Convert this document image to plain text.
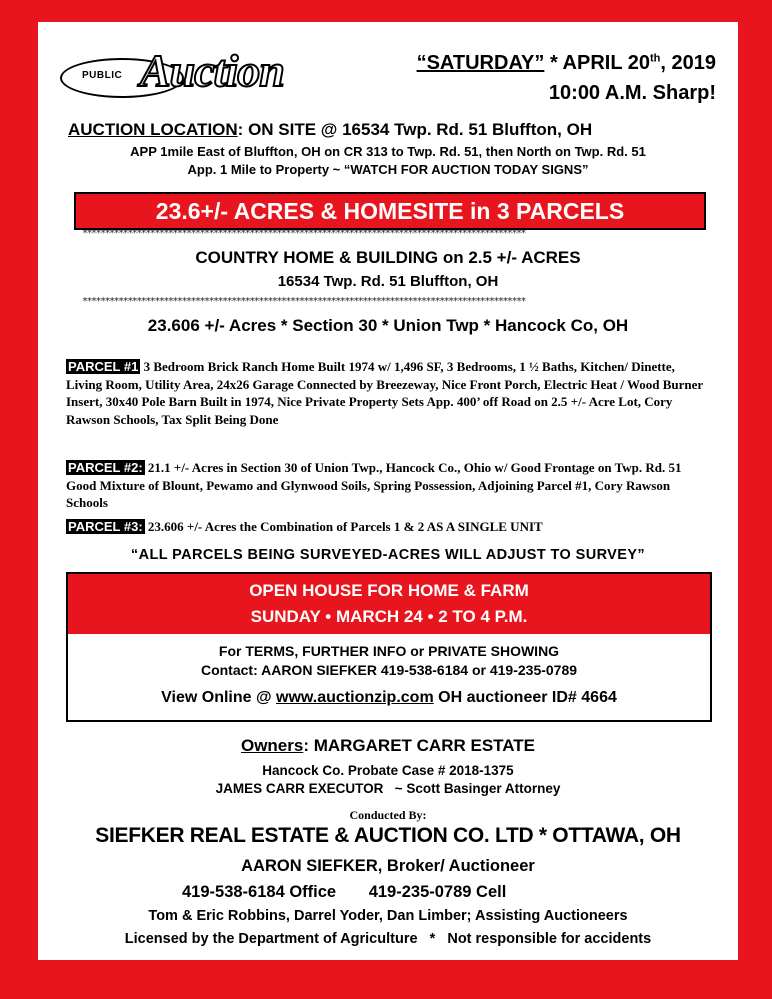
PUBLIC Auction	“SATURDAY” * APRIL 20th, 2019
10:00 A.M. Sharp!
AUCTION LOCATION: ON SITE @ 16534 Twp. Rd. 51 Bluffton, OH
APP 1mile East of Bluffton, OH on CR 313 to Twp. Rd. 51, then North on Twp. Rd. 51
App. 1 Mile to Property ~ “WATCH FOR AUCTION TODAY SIGNS”
23.6+/- ACRES & HOMESITE in 3 PARCELS
**************************************************************************************************
COUNTRY HOME & BUILDING on 2.5 +/- ACRES
16534 Twp. Rd. 51 Bluffton, OH
**************************************************************************************************
23.606 +/- Acres * Section 30 * Union Twp * Hancock Co, OH
PARCEL #1 3 Bedroom Brick Ranch Home Built 1974 w/ 1,496 SF, 3 Bedrooms, 1 ½ Baths, Kitchen/ Dinette, Living Room, Utility Area, 24x26 Garage Connected by Breezeway, Nice Front Porch, Electric Heat / Wood Burner Insert, 30x40 Pole Barn Built in 1974, Nice Private Property Sets App. 400’ off Road on 2.5 +/- Acre Lot, Cory Rawson Schools, Tax Split Being Done
PARCEL #2: 21.1 +/- Acres in Section 30 of Union Twp., Hancock Co., Ohio w/ Good Frontage on Twp. Rd. 51 Good Mixture of Blount, Pewamo and Glynwood Soils, Spring Possession, Adjoining Parcel #1, Cory Rawson Schools
PARCEL #3: 23.606 +/- Acres the Combination of Parcels 1 & 2 AS A SINGLE UNIT
“ALL PARCELS BEING SURVEYED-ACRES WILL ADJUST TO SURVEY”
OPEN HOUSE FOR HOME & FARM
SUNDAY • MARCH 24 • 2 TO 4 P.M.
For TERMS, FURTHER INFO or PRIVATE SHOWING
Contact: AARON SIEFKER 419-538-6184 or 419-235-0789
View Online @ www.auctionzip.com OH auctioneer ID# 4664
Owners: MARGARET CARR ESTATE
Hancock Co. Probate Case # 2018-1375
JAMES CARR EXECUTOR   ~ Scott Basinger Attorney
Conducted By:
SIEFKER REAL ESTATE & AUCTION CO. LTD * OTTAWA, OH
AARON SIEFKER, Broker/ Auctioneer
419-538-6184 Office 419-235-0789 Cell
Tom & Eric Robbins, Darrel Yoder, Dan Limber; Assisting Auctioneers
Licensed by the Department of Agriculture   *   Not responsible for accidents
